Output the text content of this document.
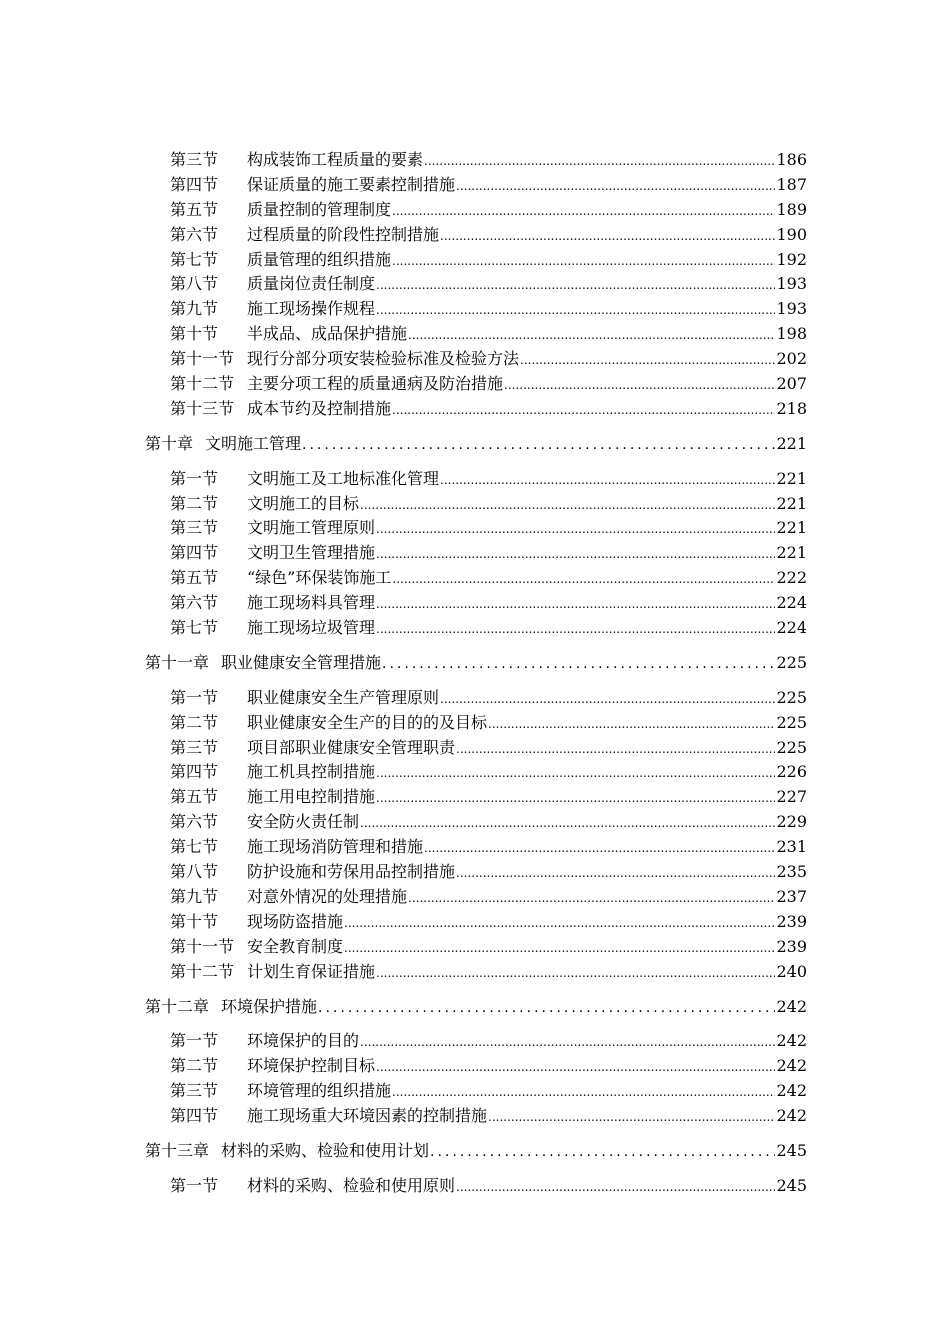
第三节	构成装饰工程质量的要素 .....	186
第四节	保证质量的施工要素控制措施 .....	187
第五节	质量控制的管理制度 .....	189
第六节	过程质量的阶段性控制措施 .....	190
第七节	质量管理的组织措施 .....	192
第八节	质量岗位责任制度 .....	193
第九节	施工现场操作规程 .....	193
第十节	半成品、成品保护措施 .....	198
第十一节 现行分部分项安装检验标准及检验方法 .....	202
第十二节 主要分项工程的质量通病及防治措施 .....	207
第十三节 成本节约及控制措施 .....	218
第十章 文明施工管理 .....	221
第一节	文明施工及工地标准化管理 .....	221
第二节	文明施工的目标 .....	221
第三节	文明施工管理原则 .....	221
第四节	文明卫生管理措施 .....	221
第五节	“绿色”环保装饰施工 .....	222
第六节	施工现场料具管理 .....	224
第七节	施工现场垃圾管理 .....	224
第十一章 职业健康安全管理措施 .....	225
第一节	职业健康安全生产管理原则 .....	225
第二节	职业健康安全生产的目的的及目标 .....	225
第三节	项目部职业健康安全管理职责 .....	225
第四节	施工机具控制措施 .....	226
第五节	施工用电控制措施 .....	227
第六节	安全防火责任制 .....	229
第七节	施工现场消防管理和措施 .....	231
第八节	防护设施和劳保用品控制措施 .....	235
第九节	对意外情况的处理措施 .....	237
第十节	现场防盗措施 .....	239
第十一节 安全教育制度 .....	239
第十二节 计划生育保证措施 .....	240
第十二章 环境保护措施 .....	242
第一节	环境保护的目的 .....	242
第二节	环境保护控制目标 .....	242
第三节	环境管理的组织措施 .....	242
第四节	施工现场重大环境因素的控制措施 .....	242
第十三章 材料的采购、检验和使用计划 .....	245
第一节	材料的采购、检验和使用原则 .....	245
